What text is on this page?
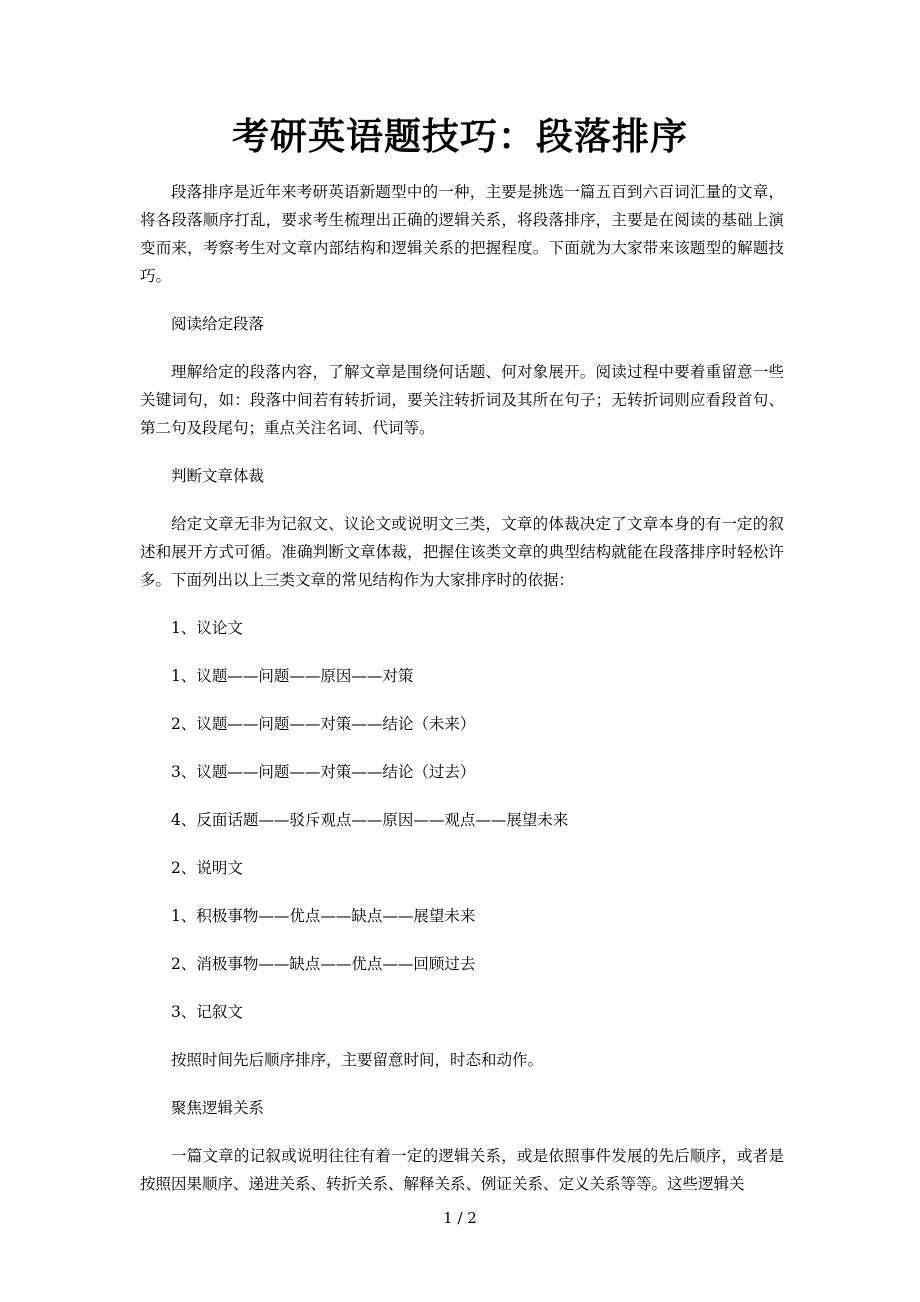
考研英语题技巧：段落排序

段落排序是近年来考研英语新题型中的一种，主要是挑选一篇五百到六百词汇量的文章，将各段落顺序打乱，要求考生梳理出正确的逻辑关系，将段落排序，主要是在阅读的基础上演变而来，考察考生对文章内部结构和逻辑关系的把握程度。下面就为大家带来该题型的解题技巧。

阅读给定段落

理解给定的段落内容，了解文章是围绕何话题、何对象展开。阅读过程中要着重留意一些关键词句，如：段落中间若有转折词，要关注转折词及其所在句子；无转折词则应看段首句、第二句及段尾句；重点关注名词、代词等。

判断文章体裁

给定文章无非为记叙文、议论文或说明文三类，文章的体裁决定了文章本身的有一定的叙述和展开方式可循。准确判断文章体裁，把握住该类文章的典型结构就能在段落排序时轻松许多。下面列出以上三类文章的常见结构作为大家排序时的依据：

1、议论文

1、议题——问题——原因——对策

2、议题——问题——对策——结论（未来）

3、议题——问题——对策——结论（过去）

4、反面话题——驳斥观点——原因——观点——展望未来

2、说明文

1、积极事物——优点——缺点——展望未来

2、消极事物——缺点——优点——回顾过去

3、记叙文

按照时间先后顺序排序，主要留意时间，时态和动作。

聚焦逻辑关系

一篇文章的记叙或说明往往有着一定的逻辑关系，或是依照事件发展的先后顺序，或者是按照因果顺序、递进关系、转折关系、解释关系、例证关系、定义关系等等。这些逻辑关

1 / 2
